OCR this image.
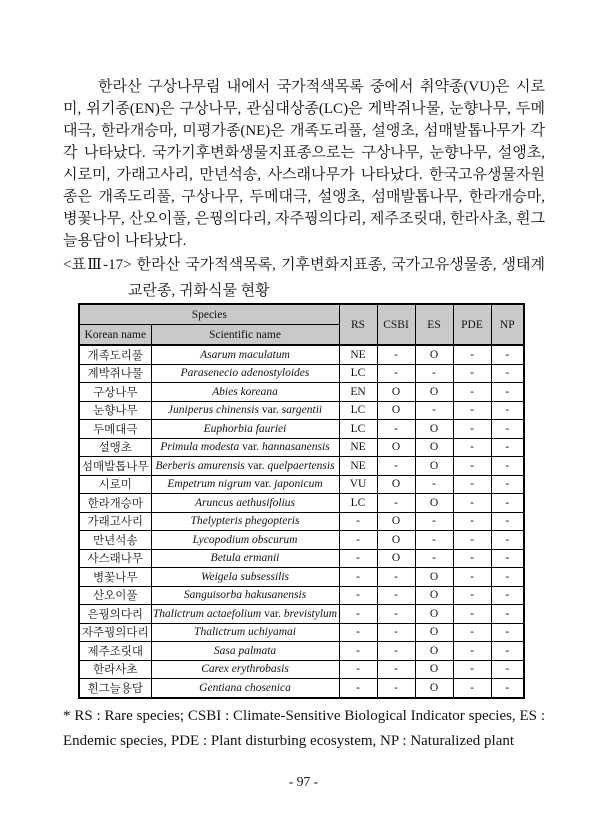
한라산 구상나무림 내에서 국가적색목록 중에서 취약종(VU)은 시로미, 위기종(EN)은 구상나무, 관심대상종(LC)은 게박쥐나물, 눈향나무, 두메대극, 한라개승마, 미평가종(NE)은 개족도리풀, 설앵초, 섬매발톱나무가 각각 나타났다. 국가기후변화생물지표종으로는 구상나무, 눈향나무, 설앵초, 시로미, 가래고사리, 만년석송, 사스래나무가 나타났다. 한국고유생물자원종은 개족도리풀, 구상나무, 두메대극, 설앵초, 섬매발톱나무, 한라개승마, 병꽃나무, 산오이풀, 은꿩의다리, 자주꿩의다리, 제주조릿대, 한라사초, 흰그늘용담이 나타났다.

<표Ⅲ-17> 한라산 국가적색목록, 기후변화지표종, 국가고유생물종, 생태계교란종, 귀화식물 현황

Species		RS	CSBI	ES	PDE	NP
Korean name	Scientific name					
개족도리풀	Asarum maculatum	NE	-	O	-	-
계박쥐나물	Parasenecio adenostyloides	LC	-	-	-	-
구상나무	Abies koreana	EN	O	O	-	-
눈향나무	Juniperus chinensis var. sargentii	LC	O	-	-	-
두메대극	Euphorbia fauriei	LC	-	O	-	-
설앵초	Primula modesta var. hannasanensis	NE	O	O	-	-
섬매발톱나무	Berberis amurensis var. quelpaertensis	NE	-	O	-	-
시로미	Empetrum nigrum var. japonicum	VU	O	-	-	-
한라개승마	Aruncus aethusifolius	LC	-	O	-	-
가래고사리	Thelypteris phegopteris	-	O	-	-	-
만년석송	Lycopodium obscurum	-	O	-	-	-
사스래나무	Betula ermanii	-	O	-	-	-
병꽃나무	Weigela subsessilis	-	-	O	-	-
산오이풀	Sanguisorba hakusanensis	-	-	O	-	-
은꿩의다리	Thalictrum actaefolium var. brevistylum	-	-	O	-	-
자주꿩의다리	Thalictrum uchiyamai	-	-	O	-	-
제주조릿대	Sasa palmata	-	-	O	-	-
한라사초	Carex erythrobasis	-	-	O	-	-
흰그늘용담	Gentiana chosenica	-	-	O	-	-

* RS : Rare species; CSBI : Climate-Sensitive Biological Indicator species, ES : Endemic species, PDE : Plant disturbing ecosystem, NP : Naturalized plant

- 97 -
